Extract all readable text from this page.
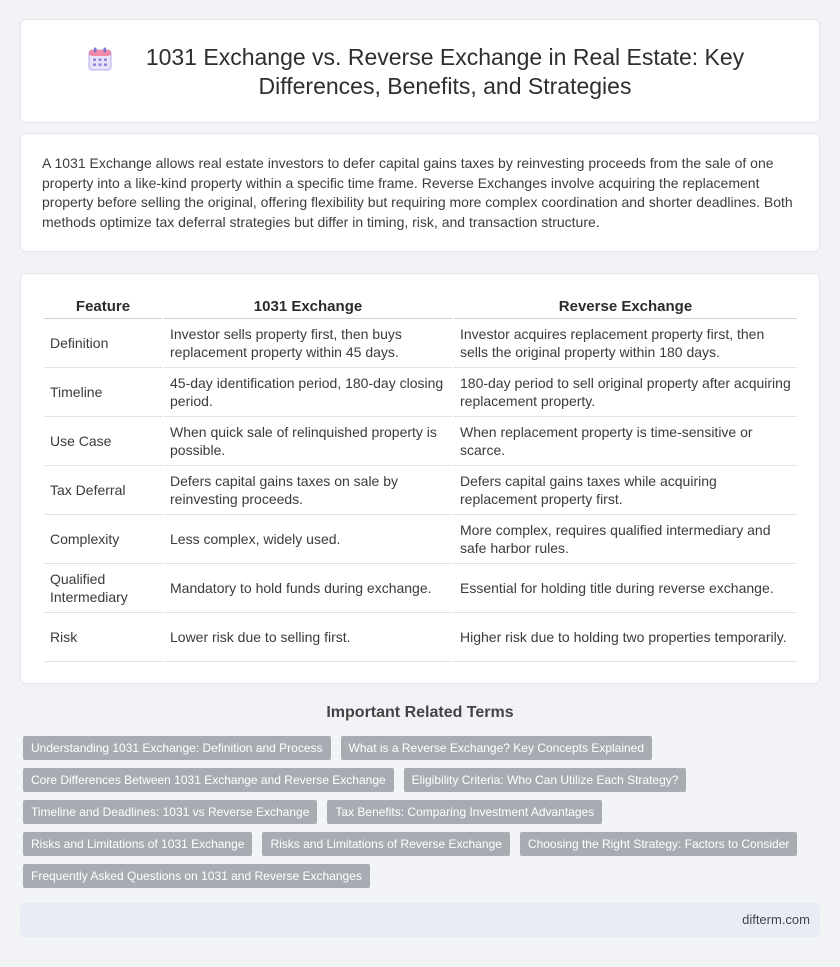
1031 Exchange vs. Reverse Exchange in Real Estate: Key Differences, Benefits, and Strategies

A 1031 Exchange allows real estate investors to defer capital gains taxes by reinvesting proceeds from the sale of one property into a like-kind property within a specific time frame. Reverse Exchanges involve acquiring the replacement property before selling the original, offering flexibility but requiring more complex coordination and shorter deadlines. Both methods optimize tax deferral strategies but differ in timing, risk, and transaction structure.

Feature	1031 Exchange	Reverse Exchange
Definition	Investor sells property first, then buys replacement property within 45 days.	Investor acquires replacement property first, then sells the original property within 180 days.
Timeline	45-day identification period, 180-day closing period.	180-day period to sell original property after acquiring replacement property.
Use Case	When quick sale of relinquished property is possible.	When replacement property is time-sensitive or scarce.
Tax Deferral	Defers capital gains taxes on sale by reinvesting proceeds.	Defers capital gains taxes while acquiring replacement property first.
Complexity	Less complex, widely used.	More complex, requires qualified intermediary and safe harbor rules.
Qualified Intermediary	Mandatory to hold funds during exchange.	Essential for holding title during reverse exchange.
Risk	Lower risk due to selling first.	Higher risk due to holding two properties temporarily.
Important Related Terms
Understanding 1031 Exchange: Definition and Process	What is a Reverse Exchange? Key Concepts Explained
Core Differences Between 1031 Exchange and Reverse Exchange	Eligibility Criteria: Who Can Utilize Each Strategy?
Timeline and Deadlines: 1031 vs Reverse Exchange	Tax Benefits: Comparing Investment Advantages
Risks and Limitations of 1031 Exchange	Risks and Limitations of Reverse Exchange	Choosing the Right Strategy: Factors to Consider
Frequently Asked Questions on 1031 and Reverse Exchanges
difterm.com
